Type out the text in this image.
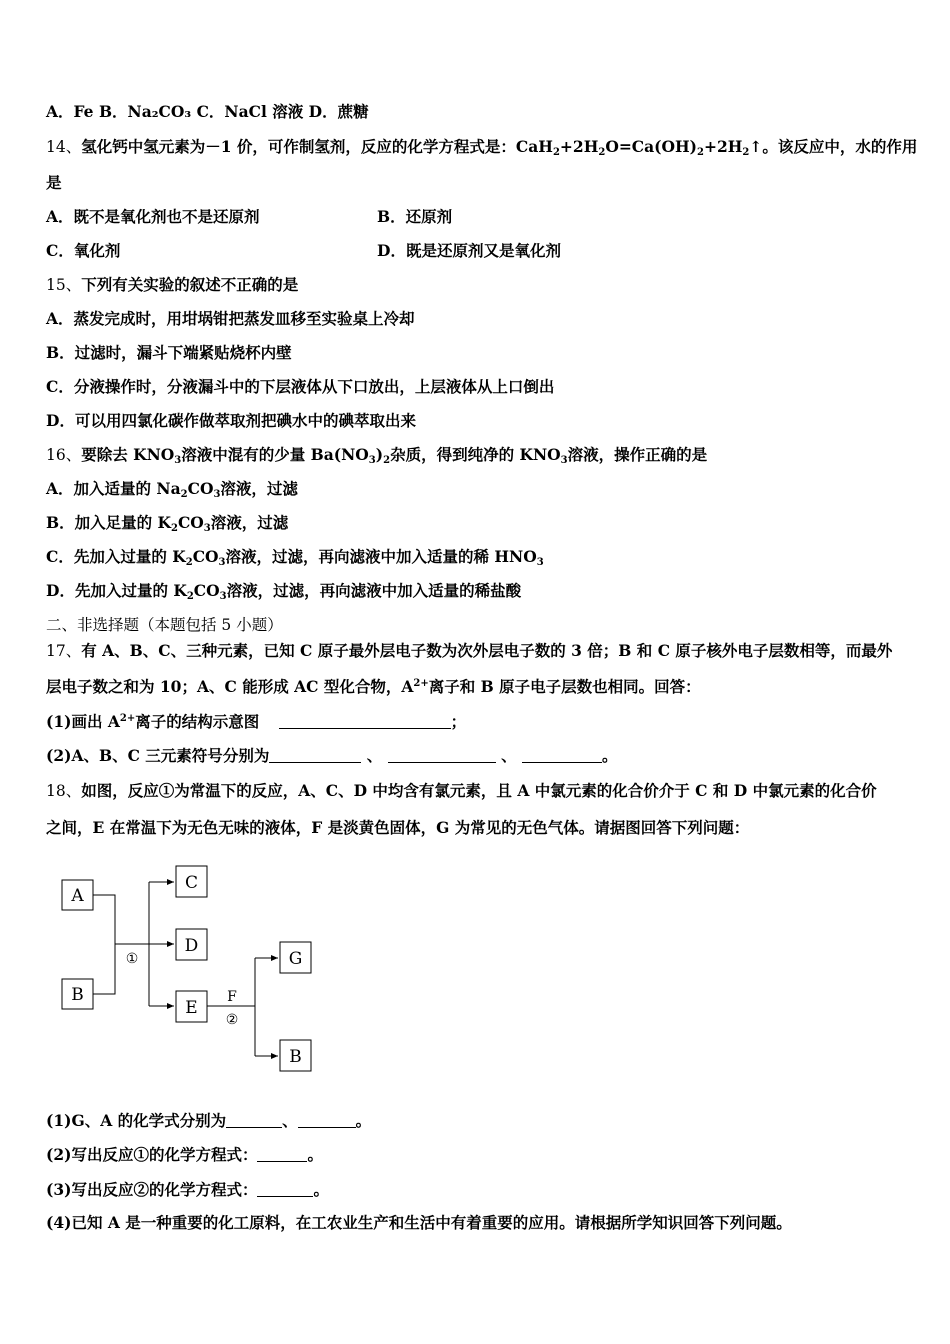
A．Fe B．Na₂CO₃ C．NaCl 溶液 D．蔗糖
14、氢化钙中氢元素为－1 价，可作制氢剂，反应的化学方程式是：$CaH_2+2H_2O=Ca(OH)_2+2H_2↑$。该反应中，水的作用
是
A．既不是氧化剂也不是还原剂	B．还原剂
C．氧化剂	D．既是还原剂又是氧化剂
15、下列有关实验的叙述不正确的是
A．蒸发完成时，用坩埚钳把蒸发皿移至实验桌上冷却
B．过滤时，漏斗下端紧贴烧杯内壁
C．分液操作时，分液漏斗中的下层液体从下口放出，上层液体从上口倒出
D．可以用四氯化碳作做萃取剂把碘水中的碘萃取出来
16、要除去 $KNO_3$溶液中混有的少量 $Ba(NO_3)_2$杂质，得到纯净的 $KNO_3$溶液，操作正确的是
A．加入适量的 $Na_2CO_3$溶液，过滤
B．加入足量的 $K_2CO_3$溶液，过滤
C．先加入过量的 $K_2CO_3$溶液，过滤，再向滤液中加入适量的稀 $HNO_3$
D．先加入过量的 $K_2CO_3$溶液，过滤，再向滤液中加入适量的稀盐酸
二、非选择题（本题包括 5 小题）
17、有 A、B、C、三种元素，已知 C 原子最外层电子数为次外层电子数的 3 倍；B 和 C 原子核外电子层数相等，而最外
层电子数之和为 10；A、C 能形成 AC 型化合物，$A^{2+}$离子和 B 原子电子层数也相同。回答：
(1)画出 $A^{2+}$离子的结构示意图	；
(2)A、B、C 三元素符号分别为	、	、	。
18、如图，反应①为常温下的反应，A、C、D 中均含有氯元素，且 A 中氯元素的化合价介于 C 和 D 中氯元素的化合价
之间，E 在常温下为无色无味的液体，F 是淡黄色固体，G 为常见的无色气体。请据图回答下列问题：
A
B
C
D
E
G
B
①
F
②
(1)G、A 的化学式分别为	、	。
(2)写出反应①的化学方程式：	。
(3)写出反应②的化学方程式：	。
(4)已知 A 是一种重要的化工原料，在工农业生产和生活中有着重要的应用。请根据所学知识回答下列问题。
